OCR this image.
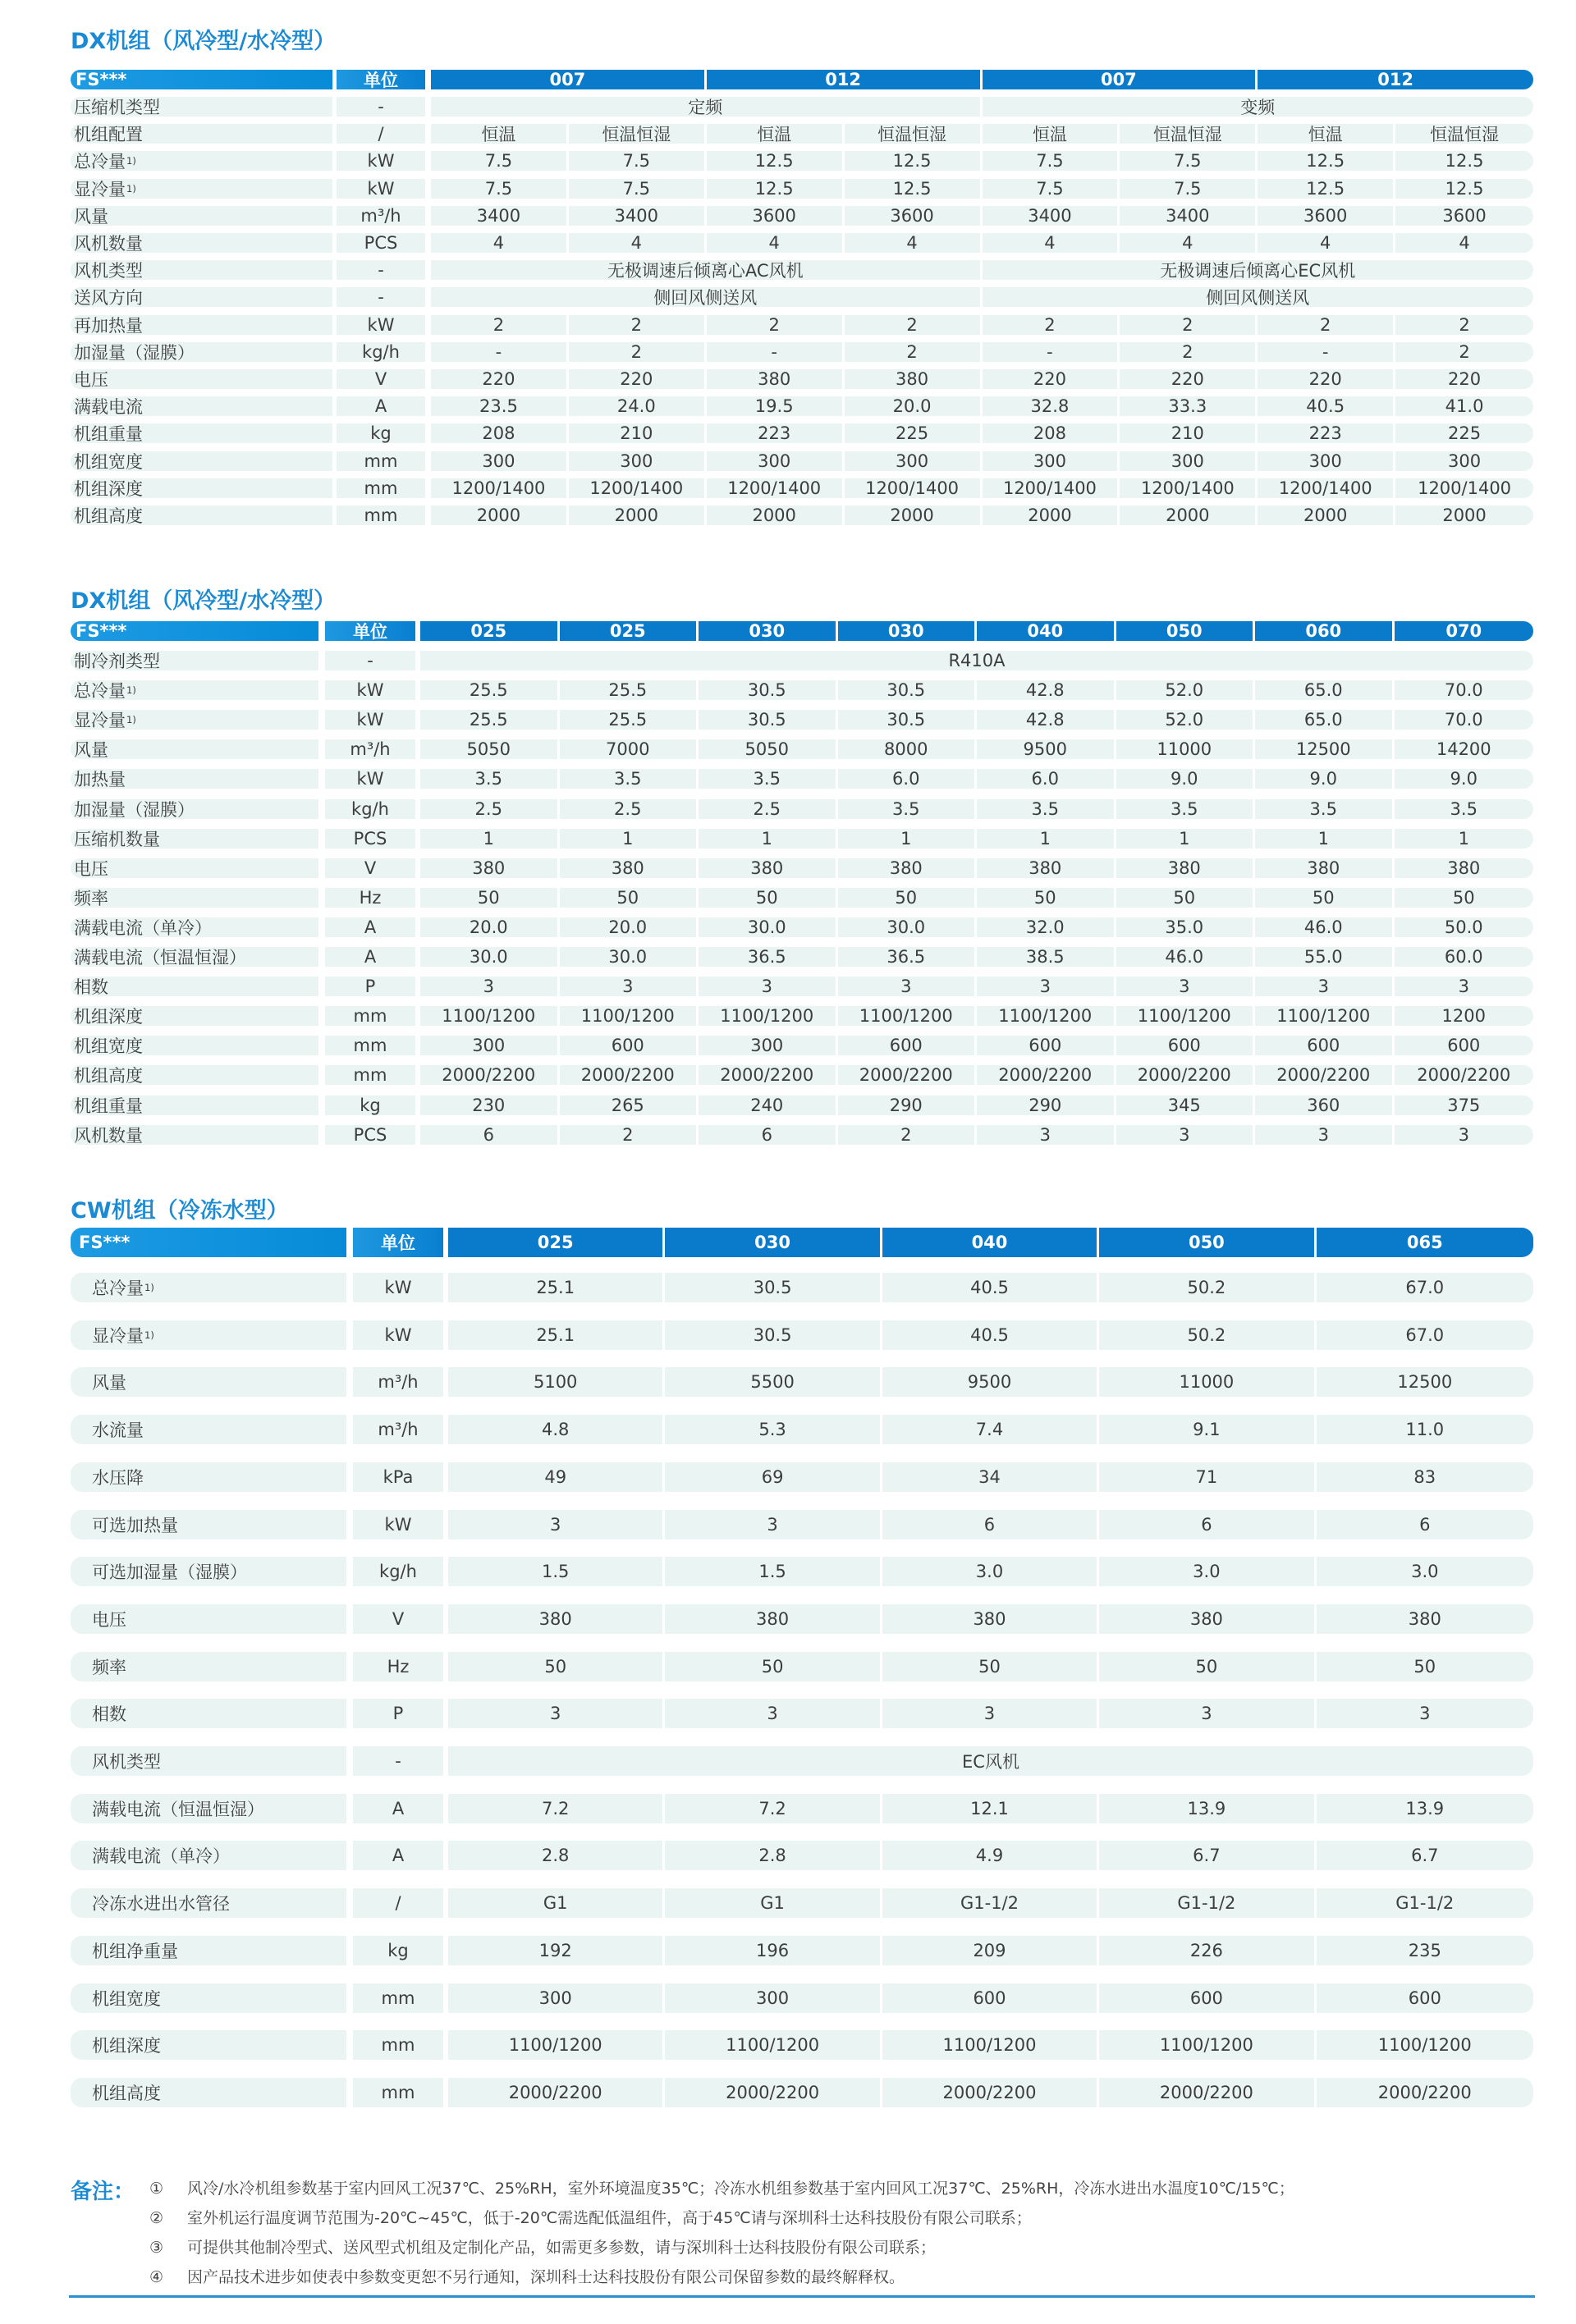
DX机组（风冷型/水冷型）
FS***	单位	007	012	007	012
压缩机类型	-	定频	变频
机组配置	/	恒温	恒温恒湿	恒温	恒温恒湿	恒温	恒温恒湿	恒温	恒温恒湿
总冷量 1)	kW	7.5	7.5	12.5	12.5	7.5	7.5	12.5	12.5
显冷量 1)	kW	7.5	7.5	12.5	12.5	7.5	7.5	12.5	12.5
风量	m³/h	3400	3400	3600	3600	3400	3400	3600	3600
风机数量	PCS	4	4	4	4	4	4	4	4
风机类型	-	无极调速后倾离心AC风机	无极调速后倾离心EC风机
送风方向	-	侧回风侧送风	侧回风侧送风
再加热量	kW	2	2	2	2	2	2	2	2
加湿量（湿膜）	kg/h	-	2	-	2	-	2	-	2
电压	V	220	220	380	380	220	220	220	220
满载电流	A	23.5	24.0	19.5	20.0	32.8	33.3	40.5	41.0
机组重量	kg	208	210	223	225	208	210	223	225
机组宽度	mm	300	300	300	300	300	300	300	300
机组深度	mm	1200/1400	1200/1400	1200/1400	1200/1400	1200/1400	1200/1400	1200/1400	1200/1400
机组高度	mm	2000	2000	2000	2000	2000	2000	2000	2000
DX机组（风冷型/水冷型）
FS***	单位	025	025	030	030	040	050	060	070
制冷剂类型	-	R410A
总冷量 1)	kW	25.5	25.5	30.5	30.5	42.8	52.0	65.0	70.0
显冷量 1)	kW	25.5	25.5	30.5	30.5	42.8	52.0	65.0	70.0
风量	m³/h	5050	7000	5050	8000	9500	11000	12500	14200
加热量	kW	3.5	3.5	3.5	6.0	6.0	9.0	9.0	9.0
加湿量（湿膜）	kg/h	2.5	2.5	2.5	3.5	3.5	3.5	3.5	3.5
压缩机数量	PCS	1	1	1	1	1	1	1	1
电压	V	380	380	380	380	380	380	380	380
频率	Hz	50	50	50	50	50	50	50	50
满载电流（单冷）	A	20.0	20.0	30.0	30.0	32.0	35.0	46.0	50.0
满载电流（恒温恒湿）	A	30.0	30.0	36.5	36.5	38.5	46.0	55.0	60.0
相数	P	3	3	3	3	3	3	3	3
机组深度	mm	1100/1200	1100/1200	1100/1200	1100/1200	1100/1200	1100/1200	1100/1200	1200
机组宽度	mm	300	600	300	600	600	600	600	600
机组高度	mm	2000/2200	2000/2200	2000/2200	2000/2200	2000/2200	2000/2200	2000/2200	2000/2200
机组重量	kg	230	265	240	290	290	345	360	375
风机数量	PCS	6	2	6	2	3	3	3	3
CW机组（冷冻水型）
FS***	单位	025	030	040	050	065
总冷量 1)	kW	25.1	30.5	40.5	50.2	67.0
显冷量 1)	kW	25.1	30.5	40.5	50.2	67.0
风量	m³/h	5100	5500	9500	11000	12500
水流量	m³/h	4.8	5.3	7.4	9.1	11.0
水压降	kPa	49	69	34	71	83
可选加热量	kW	3	3	6	6	6
可选加湿量（湿膜）	kg/h	1.5	1.5	3.0	3.0	3.0
电压	V	380	380	380	380	380
频率	Hz	50	50	50	50	50
相数	P	3	3	3	3	3
风机类型	-	EC风机
满载电流（恒温恒湿）	A	7.2	7.2	12.1	13.9	13.9
满载电流（单冷）	A	2.8	2.8	4.9	6.7	6.7
冷冻水进出水管径	/	G1	G1	G1-1/2	G1-1/2	G1-1/2
机组净重量	kg	192	196	209	226	235
机组宽度	mm	300	300	600	600	600
机组深度	mm	1100/1200	1100/1200	1100/1200	1100/1200	1100/1200
机组高度	mm	2000/2200	2000/2200	2000/2200	2000/2200	2000/2200
备注： ① 风冷/水冷机组参数基于室内回风工况37℃、25%RH，室外环境温度35℃；冷冻水机组参数基于室内回风工况37℃、25%RH，冷冻水进出水温度10℃/15℃；
② 室外机运行温度调节范围为-20℃~45℃，低于-20℃需选配低温组件，高于45℃请与深圳科士达科技股份有限公司联系；
③ 可提供其他制冷型式、送风型式机组及定制化产品，如需更多参数，请与深圳科士达科技股份有限公司联系；
④ 因产品技术进步如使表中参数变更恕不另行通知，深圳科士达科技股份有限公司保留参数的最终解释权。
